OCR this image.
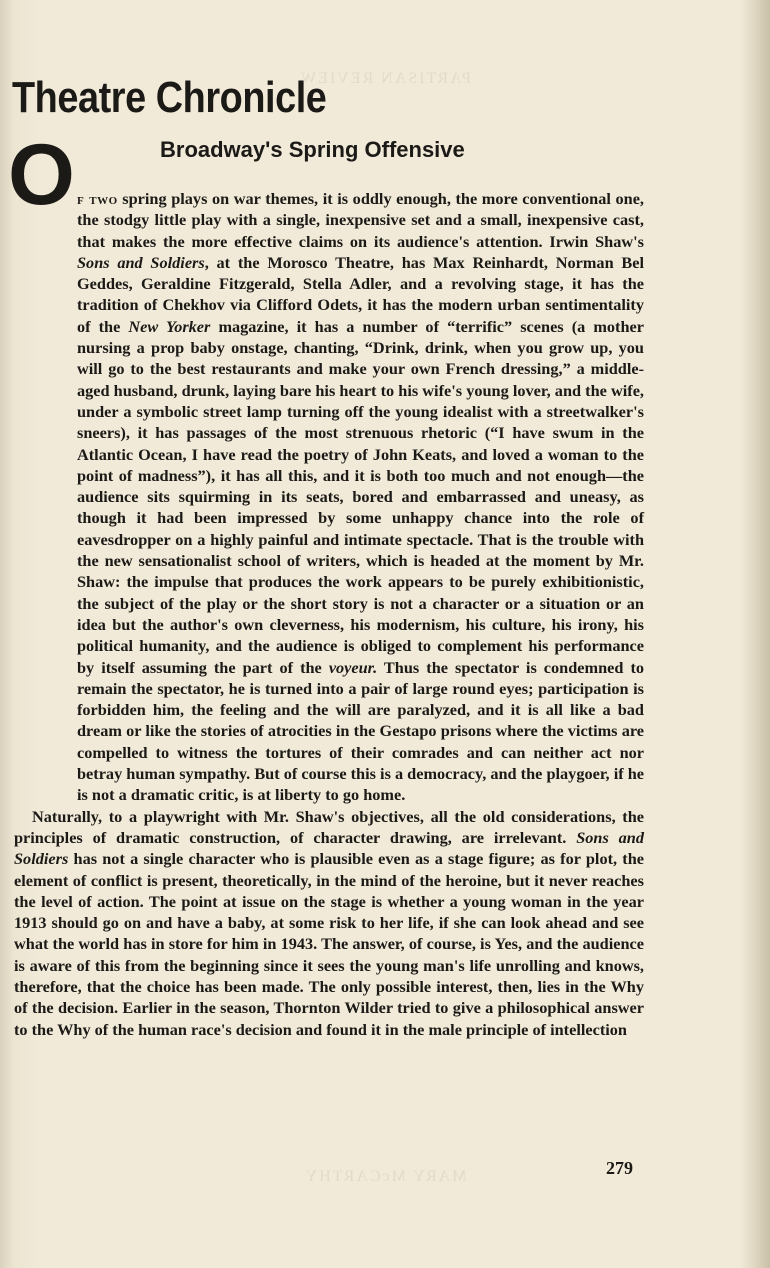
PARTISAN REVIEW
MARY McCARTHY
Theatre Chronicle
Broadway's Spring Offensive
O f two spring plays on war themes, it is oddly enough, the more conventional one, the stodgy little play with a single, inexpensive set and a small, inexpensive cast, that makes the more effective claims on its audience's attention. Irwin Shaw's Sons and Soldiers, at the Morosco Theatre, has Max Reinhardt, Norman Bel Geddes, Geraldine Fitzgerald, Stella Adler, and a revolving stage, it has the tradition of Chekhov via Clifford Odets, it has the modern urban sentimentality of the New Yorker magazine, it has a number of “terrific” scenes (a mother nursing a prop baby onstage, chanting, “Drink, drink, when you grow up, you will go to the best restaurants and make your own French dressing,” a middle-aged husband, drunk, laying bare his heart to his wife's young lover, and the wife, under a symbolic street lamp turning off the young idealist with a streetwalker's sneers), it has passages of the most strenuous rhetoric (“I have swum in the Atlantic Ocean, I have read the poetry of John Keats, and loved a woman to the point of madness”), it has all this, and it is both too much and not enough—the audience sits squirming in its seats, bored and embarrassed and uneasy, as though it had been impressed by some unhappy chance into the role of eavesdropper on a highly painful and intimate spectacle. That is the trouble with the new sensationalist school of writers, which is headed at the moment by Mr. Shaw: the impulse that produces the work appears to be purely exhibitionistic, the subject of the play or the short story is not a character or a situation or an idea but the author's own cleverness, his modernism, his culture, his irony, his political humanity, and the audience is obliged to complement his performance by itself assuming the part of the voyeur. Thus the spectator is condemned to remain the spectator, he is turned into a pair of large round eyes; participation is forbidden him, the feeling and the will are paralyzed, and it is all like a bad dream or like the stories of atrocities in the Gestapo prisons where the victims are compelled to witness the tortures of their comrades and can neither act nor betray human sympathy. But of course this is a democracy, and the playgoer, if he is not a dramatic critic, is at liberty to go home.

Naturally, to a playwright with Mr. Shaw's objectives, all the old considerations, the principles of dramatic construction, of character drawing, are irrelevant. Sons and Soldiers has not a single character who is plausible even as a stage figure; as for plot, the element of conflict is present, theoretically, in the mind of the heroine, but it never reaches the level of action. The point at issue on the stage is whether a young woman in the year 1913 should go on and have a baby, at some risk to her life, if she can look ahead and see what the world has in store for him in 1943. The answer, of course, is Yes, and the audience is aware of this from the beginning since it sees the young man's life unrolling and knows, therefore, that the choice has been made. The only possible interest, then, lies in the Why of the decision. Earlier in the season, Thornton Wilder tried to give a philosophical answer to the Why of the human race's decision and found it in the male principle of intellection

279
